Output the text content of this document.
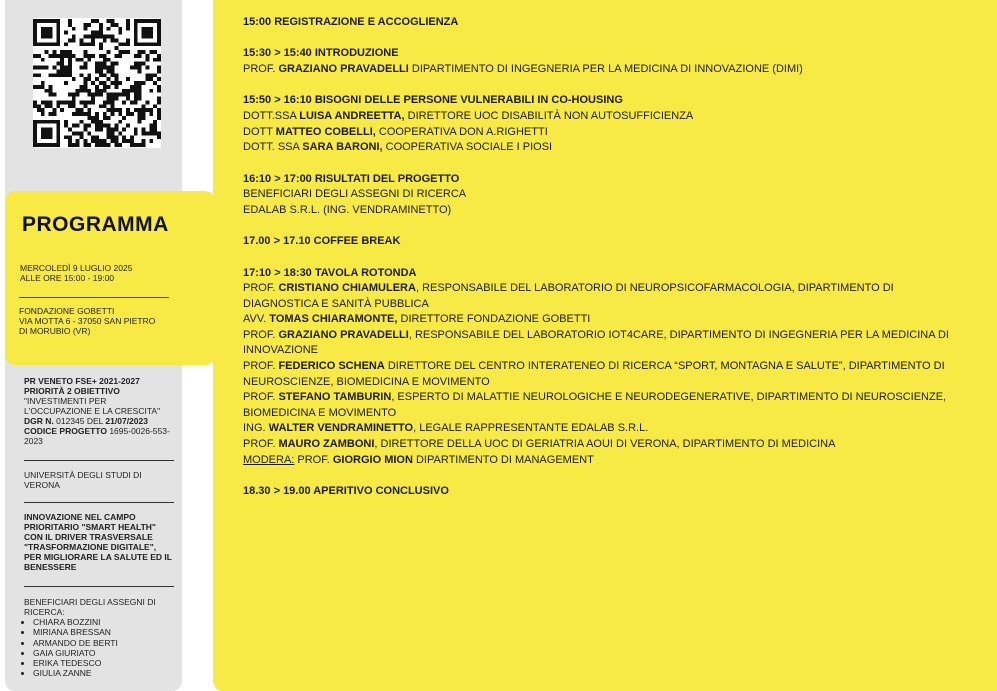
PR VENETO FSE+ 2021-2027
PRIORITÀ 2 OBIETTIVO
"INVESTIMENTI PER
L'OCCUPAZIONE E LA CRESCITA"
DGR N. 012345 DEL 21/07/2023
CODICE PROGETTO 1695-0026-553-2023
UNIVERSITÀ DEGLI STUDI DI VERONA
INNOVAZIONE NEL CAMPO PRIORITARIO "SMART HEALTH" CON IL DRIVER TRASVERSALE "TRASFORMAZIONE DIGITALE", PER MIGLIORARE LA SALUTE ED IL BENESSERE
BENEFICIARI DEGLI ASSEGNI DI RICERCA:
• CHIARA BOZZINI
• MIRIANA BRESSAN
• ARMANDO DE BERTI
• GAIA GIURIATO
• ERIKA TEDESCO
• GIULIA ZANNE
PROGRAMMA
MERCOLEDÌ 9 LUGLIO 2025
ALLE ORE 15:00 - 19:00
FONDAZIONE GOBETTI
VIA MOTTA 6 - 37050 SAN PIETRO
DI MORUBIO (VR)
15:00 REGISTRAZIONE E ACCOGLIENZA
15:30 > 15:40 INTRODUZIONE
PROF. GRAZIANO PRAVADELLI DIPARTIMENTO DI INGEGNERIA PER LA MEDICINA DI INNOVAZIONE (DIMI)
15:50 > 16:10 BISOGNI DELLE PERSONE VULNERABILI IN CO-HOUSING
DOTT.SSA LUISA ANDREETTA, DIRETTORE UOC DISABILITÀ NON AUTOSUFFICIENZA
DOTT MATTEO COBELLI, COOPERATIVA DON A.RIGHETTI
DOTT. SSA SARA BARONI, COOPERATIVA SOCIALE I PIOSI
16:10 > 17:00 RISULTATI DEL PROGETTO
BENEFICIARI DEGLI ASSEGNI DI RICERCA
EDALAB S.R.L. (ING. VENDRAMINETTO)
17.00 > 17.10 COFFEE BREAK
17:10 > 18:30 TAVOLA ROTONDA
PROF. CRISTIANO CHIAMULERA, RESPONSABILE DEL LABORATORIO DI NEUROPSICOFARMACOLOGIA, DIPARTIMENTO DI
DIAGNOSTICA E SANITÀ PUBBLICA
AVV. TOMAS CHIARAMONTE, DIRETTORE FONDAZIONE GOBETTI
PROF. GRAZIANO PRAVADELLI, RESPONSABILE DEL LABORATORIO IOT4CARE, DIPARTIMENTO DI INGEGNERIA PER LA MEDICINA DI
INNOVAZIONE
PROF. FEDERICO SCHENA DIRETTORE DEL CENTRO INTERATENEO DI RICERCA “SPORT, MONTAGNA E SALUTE”, DIPARTIMENTO DI
NEUROSCIENZE, BIOMEDICINA E MOVIMENTO
PROF. STEFANO TAMBURIN, ESPERTO DI MALATTIE NEUROLOGICHE E NEURODEGENERATIVE, DIPARTIMENTO DI NEUROSCIENZE,
BIOMEDICINA E MOVIMENTO
ING. WALTER VENDRAMINETTO, LEGALE RAPPRESENTANTE EDALAB S.R.L.
PROF. MAURO ZAMBONI, DIRETTORE DELLA UOC DI GERIATRIA AOUI DI VERONA, DIPARTIMENTO DI MEDICINA
MODERA: PROF. GIORGIO MION DIPARTIMENTO DI MANAGEMENT
18.30 > 19.00 APERITIVO CONCLUSIVO
